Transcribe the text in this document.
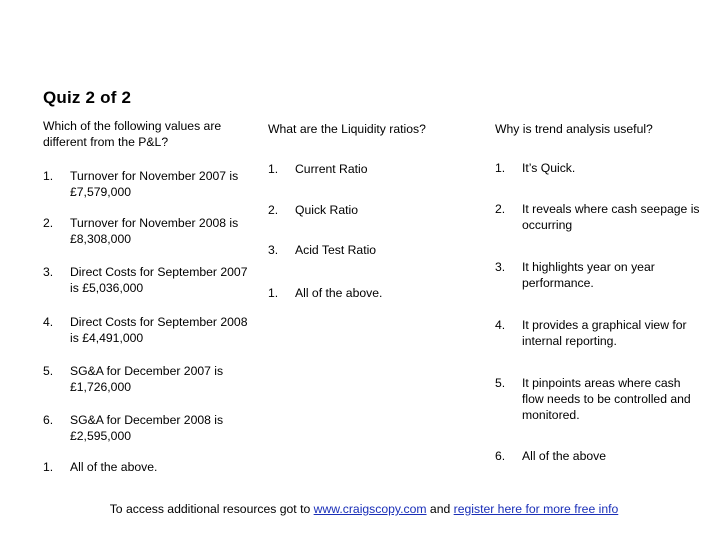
Quiz 2 of 2

Which of the following values are different from the P&L?

1. Turnover for November 2007 is £7,579,000
2. Turnover for November 2008 is £8,308,000
3. Direct Costs for September 2007 is £5,036,000
4. Direct Costs for September 2008 is £4,491,000
5. SG&A for December 2007 is £1,726,000
6. SG&A for December 2008 is £2,595,000
1. All of the above.

What are the Liquidity ratios?

1. Current Ratio
2. Quick Ratio
3. Acid Test Ratio
1. All of the above.

Why is trend analysis useful?

1. It’s Quick.
2. It reveals where cash seepage is occurring
3. It highlights year on year performance.
4. It provides a graphical view for internal reporting.
5. It pinpoints areas where cash flow needs to be controlled and monitored.
6. All of the above
To access additional resources got to www.craigscopy.com and register here for more free info
